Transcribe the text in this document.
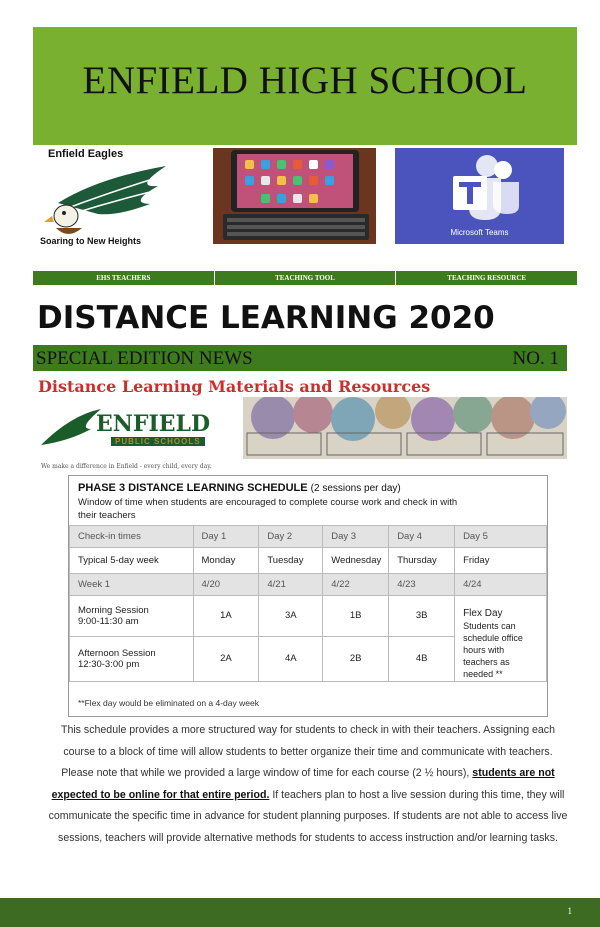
ENFIELD HIGH SCHOOL
Enfield Eagles
Soaring to New Heights
Microsoft Teams
EHS TEACHERS	TEACHING TOOL	TEACHING RESOURCE
DISTANCE LEARNING 2020
SPECIAL EDITION NEWS	NO. 1
Distance Learning Materials and Resources
ENFIELD
PUBLIC SCHOOLS
We make a difference in Enfield - every child, every day.
PHASE 3 DISTANCE LEARNING SCHEDULE (2 sessions per day)
Window of time when students are encouraged to complete course work and check in with their teachers
Check-in times	Day 1	Day 2	Day 3	Day 4	Day 5
Typical 5-day week	Monday	Tuesday	Wednesday	Thursday	Friday
Week 1	4/20	4/21	4/22	4/23	4/24
Morning Session
9:00-11:30 am	1A	3A	1B	3B	Flex Day
Students can schedule office hours with teachers as needed **
Afternoon Session
12:30-3:00 pm	2A	4A	2B	4B	
**Flex day would be eliminated on a 4-day week
This schedule provides a more structured way for students to check in with their teachers. Assigning each course to a block of time will allow students to better organize their time and communicate with teachers. Please note that while we provided a large window of time for each course (2 ½ hours), students are not expected to be online for that entire period. If teachers plan to host a live session during this time, they will communicate the specific time in advance for student planning purposes. If students are not able to access live sessions, teachers will provide alternative methods for students to access instruction and/or learning tasks.
1
